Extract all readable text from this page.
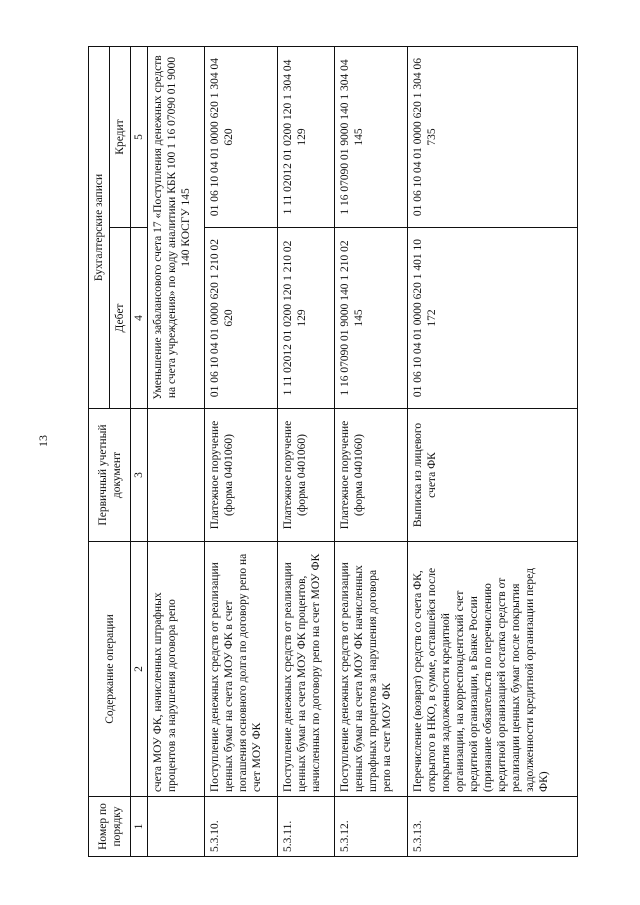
13
Номер по порядку	Содержание операции	Первичный учетный документ	Бухгалтерские записи	
			Дебет	Кредит
1	2	3	4	5
	счета МОУ ФК, начисленных штрафных процентов за нарушения договора репо		Уменьшение забалансового счета 17 «Поступления денежных средств на счета учреждения» по коду аналитики КБК 100 1 16 07090 01 9000 140 КОСГУ 145	
5.3.10.	Поступление денежных средств от реализации ценных бумаг на счета МОУ ФК в счет погашения основного долга по договору репо на счет МОУ ФК	Платежное поручение (форма 0401060)	01 06 10 04 01 0000 620 1 210 02 620	01 06 10 04 01 0000 620 1 304 04 620
5.3.11.	Поступление денежных средств от реализации ценных бумаг на счета МОУ ФК процентов, начисленных по договору репо на счет МОУ ФК	Платежное поручение (форма 0401060)	1 11 02012 01 0200 120 1 210 02 129	1 11 02012 01 0200 120 1 304 04 129
5.3.12.	Поступление денежных средств от реализации ценных бумаг на счета МОУ ФК начисленных штрафных процентов за нарушения договора репо на счет МОУ ФК	Платежное поручение (форма 0401060)	1 16 07090 01 9000 140 1 210 02 145	1 16 07090 01 9000 140 1 304 04 145
5.3.13.	Перечисление (возврат) средств со счета ФК, открытого в НКО, в сумме, оставшейся после покрытия задолженности кредитной организации, на корреспондентский счет кредитной организации, в Банке России (признание обязательств по перечислению кредитной организацией остатка средств от реализации ценных бумаг после покрытия задолженности кредитной организации перед ФК)	Выписка из лицевого счета ФК	01 06 10 04 01 0000 620 1 401 10 172	01 06 10 04 01 0000 620 1 304 06 735
